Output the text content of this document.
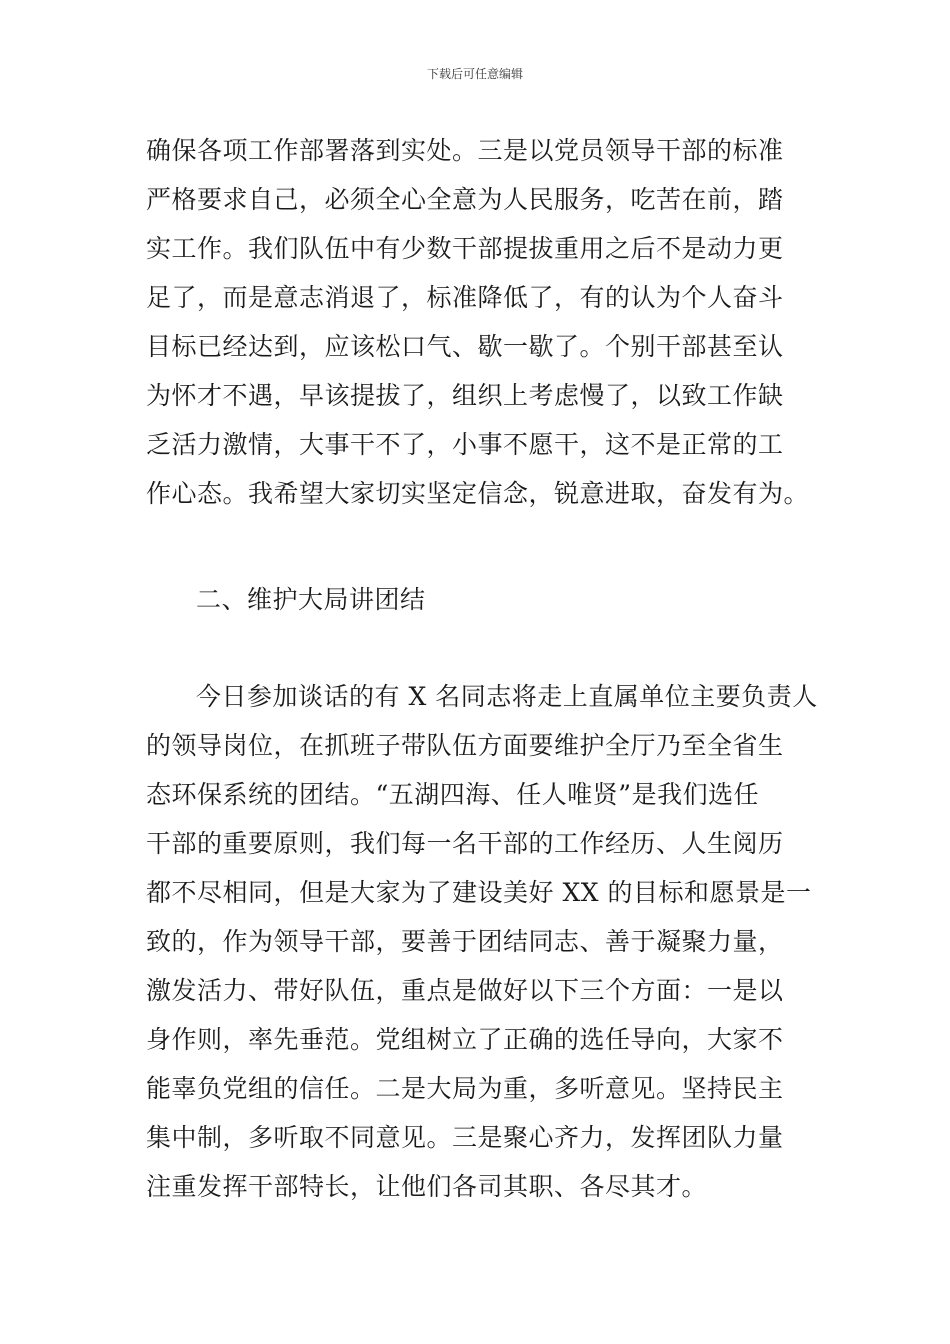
下载后可任意编辑
确保各项工作部署落到实处。三是以党员领导干部的标准
严格要求自己，必须全心全意为人民服务，吃苦在前，踏
实工作。我们队伍中有少数干部提拔重用之后不是动力更
足了，而是意志消退了，标准降低了，有的认为个人奋斗
目标已经达到，应该松口气、歇一歇了。个别干部甚至认
为怀才不遇，早该提拔了，组织上考虑慢了，以致工作缺
乏活力激情，大事干不了，小事不愿干，这不是正常的工
作心态。我希望大家切实坚定信念，锐意进取，奋发有为。
二、维护大局讲团结
今日参加谈话的有 X 名同志将走上直属单位主要负责人
的领导岗位，在抓班子带队伍方面要维护全厅乃至全省生
态环保系统的团结。“五湖四海、任人唯贤”是我们选任
干部的重要原则，我们每一名干部的工作经历、人生阅历
都不尽相同，但是大家为了建设美好 XX 的目标和愿景是一
致的，作为领导干部，要善于团结同志、善于凝聚力量，
激发活力、带好队伍，重点是做好以下三个方面：一是以
身作则，率先垂范。党组树立了正确的选任导向，大家不
能辜负党组的信任。二是大局为重，多听意见。坚持民主
集中制，多听取不同意见。三是聚心齐力，发挥团队力量
注重发挥干部特长，让他们各司其职、各尽其才。
